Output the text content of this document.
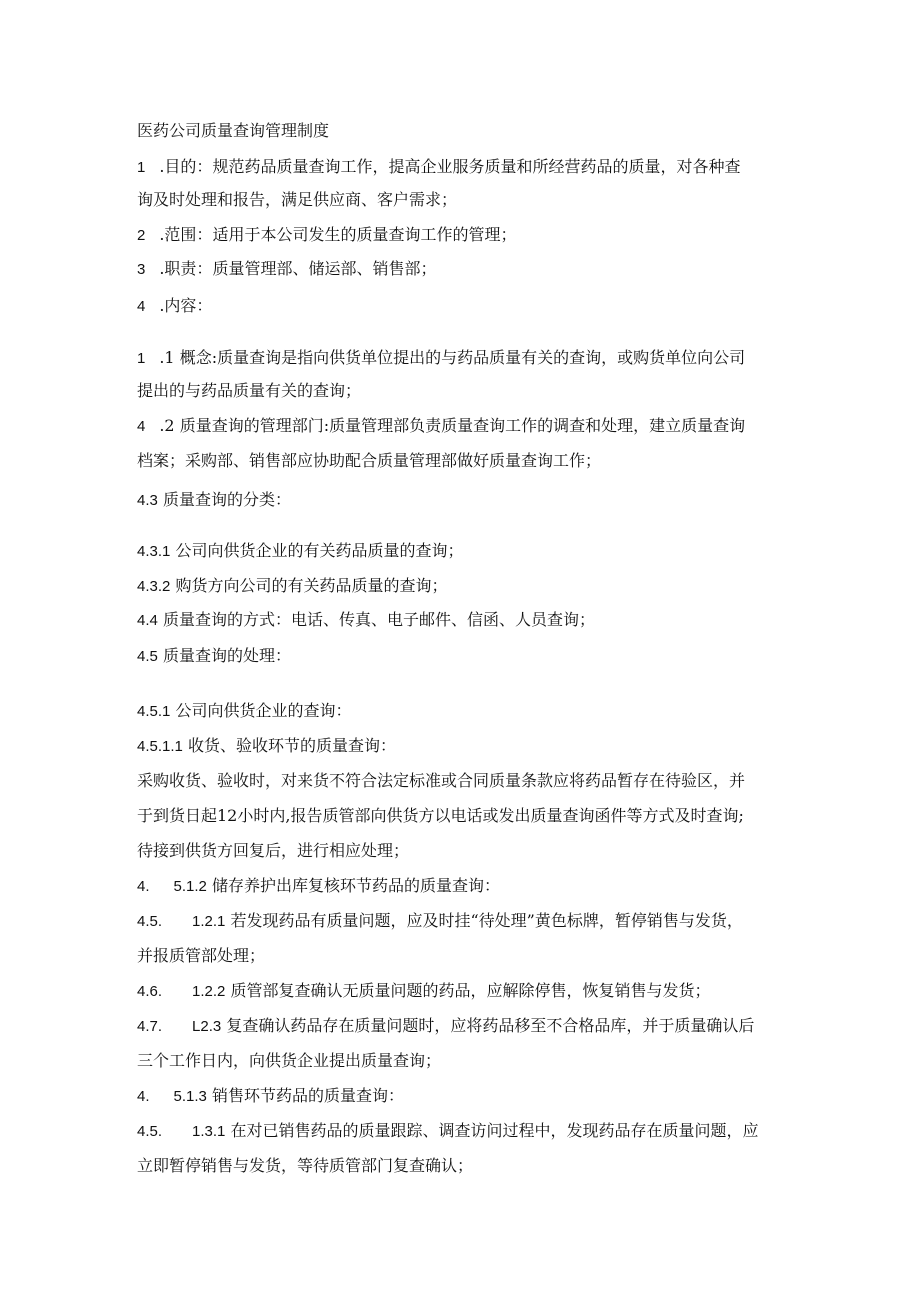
医药公司质量查询管理制度
1 .目的：规范药品质量查询工作，提高企业服务质量和所经营药品的质量，对各种查
询及时处理和报告，满足供应商、客户需求；
2 .范围：适用于本公司发生的质量查询工作的管理；
3 .职责：质量管理部、储运部、销售部；
4 .内容：
1 .1 概念:质量查询是指向供货单位提出的与药品质量有关的查询，或购货单位向公司
提出的与药品质量有关的查询；
4 .2 质量查询的管理部门:质量管理部负责质量查询工作的调查和处理，建立质量查询
档案；采购部、销售部应协助配合质量管理部做好质量查询工作；
4.3 质量查询的分类：
4.3.1 公司向供货企业的有关药品质量的查询；
4.3.2 购货方向公司的有关药品质量的查询；
4.4 质量查询的方式：电话、传真、电子邮件、信函、人员查询；
4.5 质量查询的处理：
4.5.1 公司向供货企业的查询：
4.5.1.1 收货、验收环节的质量查询：
采购收货、验收时，对来货不符合法定标准或合同质量条款应将药品暂存在待验区，并
于到货日起12小时内,报告质管部向供货方以电话或发出质量查询函件等方式及时查询;
待接到供货方回复后，进行相应处理；
4. 5.1.2 储存养护出库复核环节药品的质量查询：
4.5. 1.2.1 若发现药品有质量问题，应及时挂“待处理”黄色标牌，暂停销售与发货，
并报质管部处理；
4.6. 1.2.2 质管部复查确认无质量问题的药品，应解除停售，恢复销售与发货；
4.7. L2.3 复查确认药品存在质量问题时，应将药品移至不合格品库，并于质量确认后
三个工作日内，向供货企业提出质量查询；
4. 5.1.3 销售环节药品的质量查询：
4.5. 1.3.1 在对已销售药品的质量跟踪、调查访问过程中，发现药品存在质量问题，应
立即暂停销售与发货，等待质管部门复查确认；
